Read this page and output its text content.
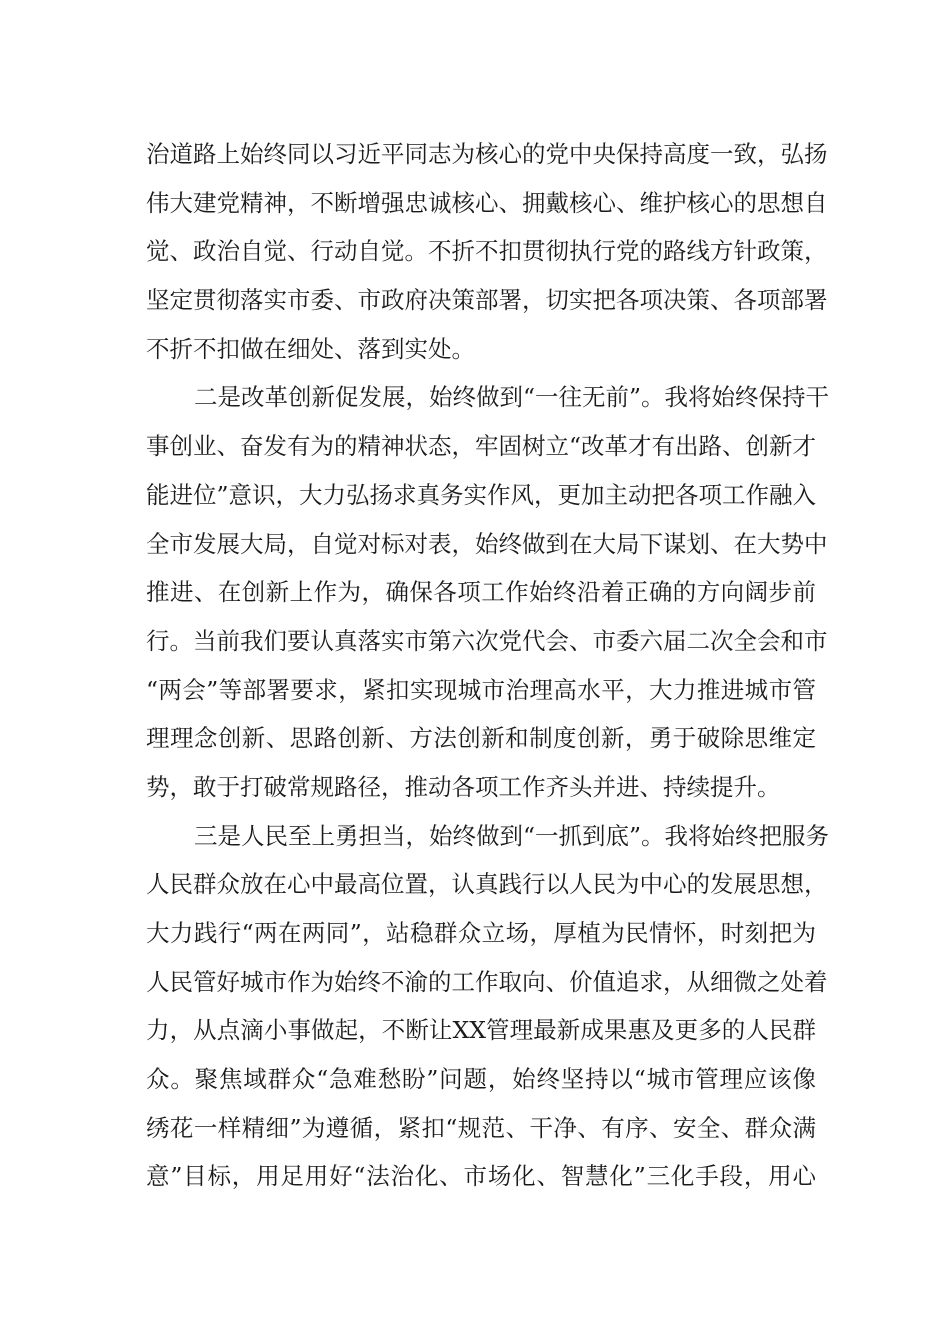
治道路上始终同以习近平同志为核心的党中央保持高度一致，弘扬
伟大建党精神，不断增强忠诚核心、拥戴核心、维护核心的思想自
觉、政治自觉、行动自觉。不折不扣贯彻执行党的路线方针政策，
坚定贯彻落实市委、市政府决策部署，切实把各项决策、各项部署
不折不扣做在细处、落到实处。
二是改革创新促发展，始终做到“一往无前”。我将始终保持干
事创业、奋发有为的精神状态，牢固树立“改革才有出路、创新才
能进位”意识，大力弘扬求真务实作风，更加主动把各项工作融入
全市发展大局，自觉对标对表，始终做到在大局下谋划、在大势中
推进、在创新上作为，确保各项工作始终沿着正确的方向阔步前
行。当前我们要认真落实市第六次党代会、市委六届二次全会和市
“两会”等部署要求，紧扣实现城市治理高水平，大力推进城市管
理理念创新、思路创新、方法创新和制度创新，勇于破除思维定
势，敢于打破常规路径，推动各项工作齐头并进、持续提升。
三是人民至上勇担当，始终做到“一抓到底”。我将始终把服务
人民群众放在心中最高位置，认真践行以人民为中心的发展思想，
大力践行“两在两同”，站稳群众立场，厚植为民情怀，时刻把为
人民管好城市作为始终不渝的工作取向、价值追求，从细微之处着
力，从点滴小事做起，不断让XX管理最新成果惠及更多的人民群
众。聚焦域群众“急难愁盼”问题，始终坚持以“城市管理应该像
绣花一样精细”为遵循，紧扣“规范、干净、有序、安全、群众满
意”目标，用足用好“法治化、市场化、智慧化”三化手段，用心
